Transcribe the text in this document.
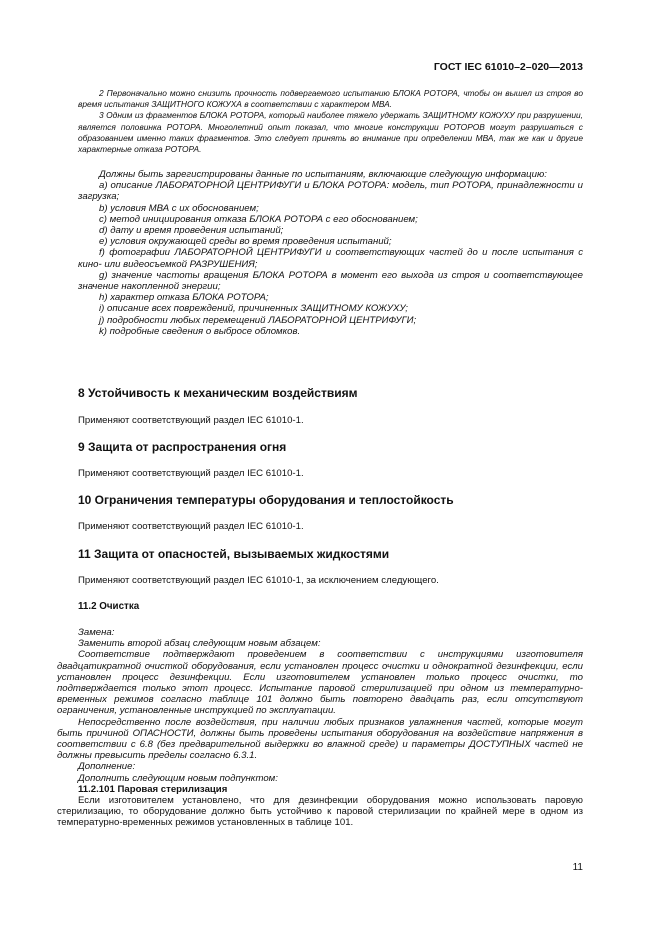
ГОСТ IEC 61010–2–020—2013

2 Первоначально можно снизить прочность подвергаемого испытанию БЛОКА РОТОРА, чтобы он вышел из строя во время испытания ЗАЩИТНОГО КОЖУХА в соответствии с характером МВА.

3 Одним из фрагментов БЛОКА РОТОРА, который наиболее тяжело удержать ЗАЩИТНОМУ КОЖУХУ при разрушении, является половинка РОТОРА. Многолетний опыт показал, что многие конструкции РОТОРОВ могут разрушаться с образованием именно таких фрагментов. Это следует принять во внимание при определении МВА, так же как и другие характерные отказа РОТОРА.

Должны быть зарегистрированы данные по испытаниям, включающие следующую информацию:

a) описание ЛАБОРАТОРНОЙ ЦЕНТРИФУГИ и БЛОКА РОТОРА: модель, тип РОТОРА, принадлежности и загрузка;

b) условия МВА с их обоснованием;

c) метод инициирования отказа БЛОКА РОТОРА с его обоснованием;

d) дату и время проведения испытаний;

e) условия окружающей среды во время проведения испытаний;

f) фотографии ЛАБОРАТОРНОЙ ЦЕНТРИФУГИ и соответствующих частей до и после испытания с кино- или видеосъемкой РАЗРУШЕНИЯ;

g) значение частоты вращения БЛОКА РОТОРА в момент его выхода из строя и соответствующее значение накопленной энергии;

h) характер отказа БЛОКА РОТОРА;

i) описание всех повреждений, причиненных ЗАЩИТНОМУ КОЖУХУ;

j) подробности любых перемещений ЛАБОРАТОРНОЙ ЦЕНТРИФУГИ;

k) подробные сведения о выбросе обломков.

8 Устойчивость к механическим воздействиям
Применяют соответствующий раздел IEC 61010-1.
9 Защита от распространения огня
Применяют соответствующий раздел IEC 61010-1.
10 Ограничения температуры оборудования и теплостойкость
Применяют соответствующий раздел IEC 61010-1.
11 Защита от опасностей, вызываемых жидкостями
Применяют соответствующий раздел IEC 61010-1, за исключением следующего.
11.2 Очистка

Замена:

Заменить второй абзац следующим новым абзацем:

Соответствие подтверждают проведением в соответствии с инструкциями изготовителя двадцатикратной очисткой оборудования, если установлен процесс очистки и однократной дезинфекции, если установлен процесс дезинфекции. Если изготовителем установлен только процесс очистки, то подтверждается только этот процесс. Испытание паровой стерилизацией при одном из температурно-временных режимов согласно таблице 101 должно быть повторено двадцать раз, если отсутствуют ограничения, установленные инструкцией по эксплуатации.

Непосредственно после воздействия, при наличии любых признаков увлажнения частей, которые могут быть причиной ОПАСНОСТИ, должны быть проведены испытания оборудования на воздействие напряжения в соответствии с 6.8 (без предварительной выдержки во влажной среде) и параметры ДОСТУПНЫХ частей не должны превысить пределы согласно 6.3.1.

Дополнение:

Дополнить следующим новым подпунктом:

11.2.101 Паровая стерилизация

Если изготовителем установлено, что для дезинфекции оборудования можно использовать паровую стерилизацию, то оборудование должно быть устойчиво к паровой стерилизации по крайней мере в одном из температурно-временных режимов установленных в таблице 101.

11
